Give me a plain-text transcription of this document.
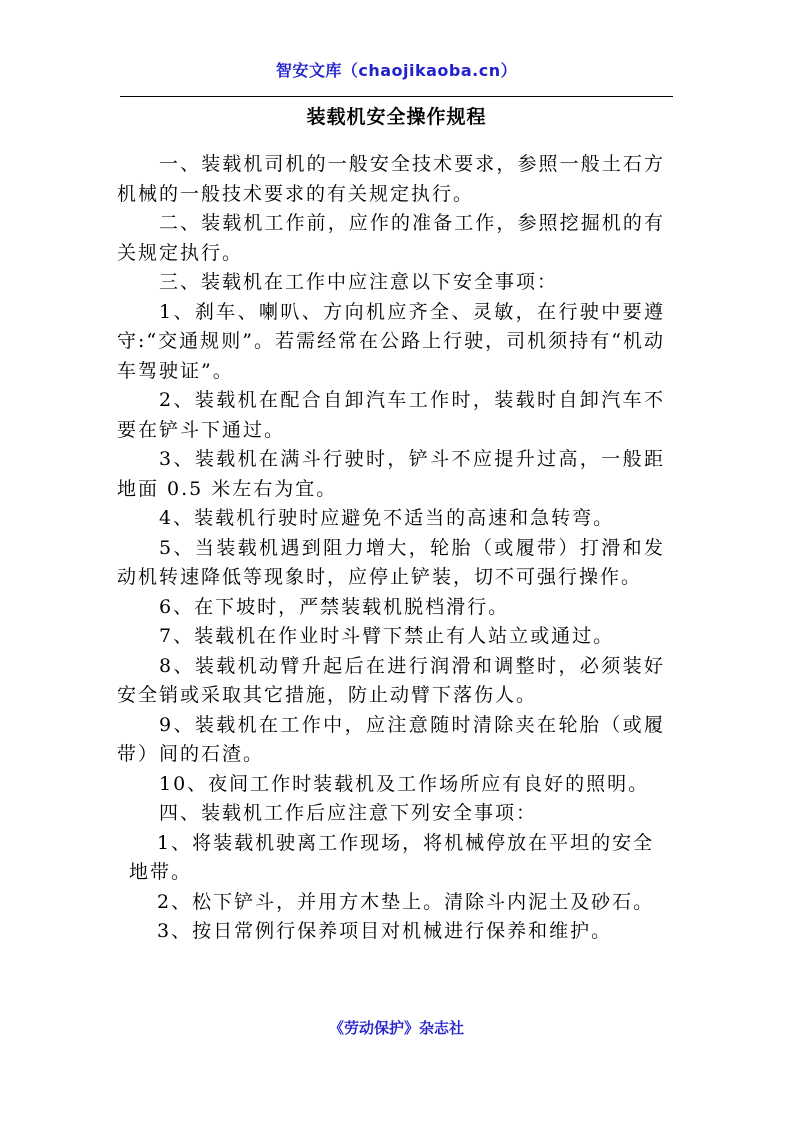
智安文库（chaojikaoba.cn）
装载机安全操作规程

一、装载机司机的一般安全技术要求，参照一般土石方机械的一般技术要求的有关规定执行。

二、装载机工作前，应作的准备工作，参照挖掘机的有关规定执行。

三、装载机在工作中应注意以下安全事项：

1、刹车、喇叭、方向机应齐全、灵敏，在行驶中要遵守:“交通规则”。若需经常在公路上行驶，司机须持有“机动车驾驶证”。

2、装载机在配合自卸汽车工作时，装载时自卸汽车不要在铲斗下通过。

3、装载机在满斗行驶时，铲斗不应提升过高，一般距地面 0.5 米左右为宜。

4、装载机行驶时应避免不适当的高速和急转弯。

5、当装载机遇到阻力增大，轮胎（或履带）打滑和发动机转速降低等现象时，应停止铲装，切不可强行操作。

6、在下坡时，严禁装载机脱档滑行。

7、装载机在作业时斗臂下禁止有人站立或通过。

8、装载机动臂升起后在进行润滑和调整时，必须装好安全销或采取其它措施，防止动臂下落伤人。

9、装载机在工作中，应注意随时清除夹在轮胎（或履带）间的石渣。

10、夜间工作时装载机及工作场所应有良好的照明。

四、装载机工作后应注意下列安全事项：

1、将装载机驶离工作现场，将机械停放在平坦的安全

地带。

2、松下铲斗，并用方木垫上。清除斗内泥土及砂石。

3、按日常例行保养项目对机械进行保养和维护。

《劳动保护》杂志社
